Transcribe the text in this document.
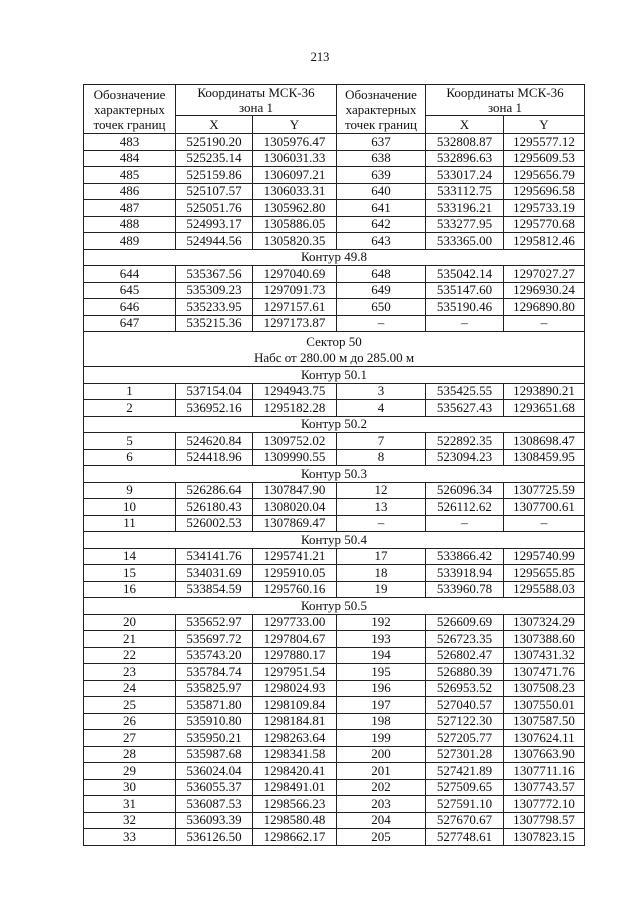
213
Обозначение
характерных
точек границ	Координаты МСК-36
зона 1		Обозначение
характерных
точек границ	Координаты МСК-36
зона 1	

	X	Y		X	Y
483	525190.20	1305976.47	637	532808.87	1295577.12
484	525235.14	1306031.33	638	532896.63	1295609.53
485	525159.86	1306097.21	639	533017.24	1295656.79
486	525107.57	1306033.31	640	533112.75	1295696.58
487	525051.76	1305962.80	641	533196.21	1295733.19
488	524993.17	1305886.05	642	533277.95	1295770.68
489	524944.56	1305820.35	643	533365.00	1295812.46
Контур 49.8					
644	535367.56	1297040.69	648	535042.14	1297027.27
645	535309.23	1297091.73	649	535147.60	1296930.24
646	535233.95	1297157.61	650	535190.46	1296890.80
647	535215.36	1297173.87	–	–	–

Сектор 50
Набс от 280.00 м до 285.00 м					

Контур 50.1					
1	537154.04	1294943.75	3	535425.55	1293890.21
2	536952.16	1295182.28	4	535627.43	1293651.68
Контур 50.2					
5	524620.84	1309752.02	7	522892.35	1308698.47
6	524418.96	1309990.55	8	523094.23	1308459.95
Контур 50.3					
9	526286.64	1307847.90	12	526096.34	1307725.59
10	526180.43	1308020.04	13	526112.62	1307700.61
11	526002.53	1307869.47	–	–	–
Контур 50.4					
14	534141.76	1295741.21	17	533866.42	1295740.99
15	534031.69	1295910.05	18	533918.94	1295655.85
16	533854.59	1295760.16	19	533960.78	1295588.03
Контур 50.5					
20	535652.97	1297733.00	192	526609.69	1307324.29
21	535697.72	1297804.67	193	526723.35	1307388.60
22	535743.20	1297880.17	194	526802.47	1307431.32
23	535784.74	1297951.54	195	526880.39	1307471.76
24	535825.97	1298024.93	196	526953.52	1307508.23
25	535871.80	1298109.84	197	527040.57	1307550.01
26	535910.80	1298184.81	198	527122.30	1307587.50
27	535950.21	1298263.64	199	527205.77	1307624.11
28	535987.68	1298341.58	200	527301.28	1307663.90
29	536024.04	1298420.41	201	527421.89	1307711.16
30	536055.37	1298491.01	202	527509.65	1307743.57
31	536087.53	1298566.23	203	527591.10	1307772.10
32	536093.39	1298580.48	204	527670.67	1307798.57
33	536126.50	1298662.17	205	527748.61	1307823.15
